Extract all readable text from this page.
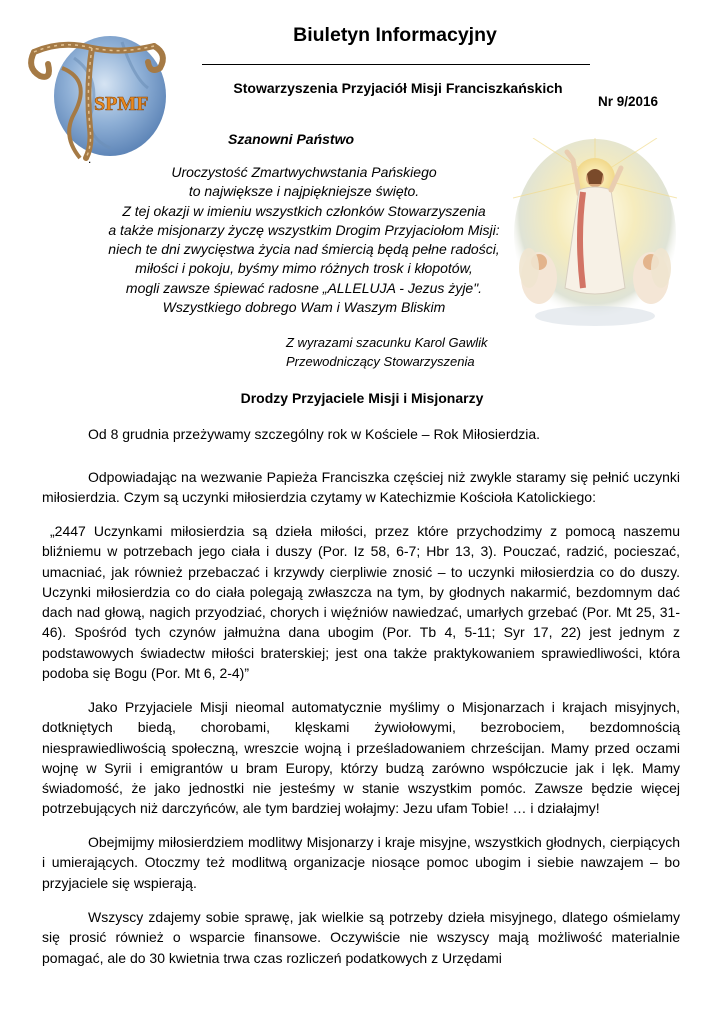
SPMF
Biuletyn Informacyjny
Stowarzyszenia Przyjaciół Misji Franciszkańskich
Nr 9/2016
Szanowni Państwo
.
Uroczystość Zmartwychwstania Pańskiego
to największe i najpiękniejsze święto.
Z tej okazji w imieniu wszystkich członków Stowarzyszenia
a także misjonarzy życzę wszystkim Drogim Przyjaciołom Misji:
niech te dni zwycięstwa życia nad śmiercią będą pełne radości,
miłości i pokoju, byśmy mimo różnych trosk i kłopotów,
mogli zawsze śpiewać radosne „ALLELUJA - Jezus żyje".
Wszystkiego dobrego Wam i Waszym Bliskim
Z wyrazami szacunku Karol Gawlik
Przewodniczący Stowarzyszenia
Drodzy Przyjaciele Misji i Misjonarzy

Od 8 grudnia przeżywamy szczególny rok w Kościele – Rok Miłosierdzia.

Odpowiadając na wezwanie Papieża Franciszka częściej niż zwykle staramy się pełnić uczynki miłosierdzia. Czym są uczynki miłosierdzia czytamy w Katechizmie Kościoła Katolickiego:

„2447 Uczynkami miłosierdzia są dzieła miłości, przez które przychodzimy z pomocą naszemu bliźniemu w potrzebach jego ciała i duszy (Por. Iz 58, 6-7; Hbr 13, 3). Pouczać, radzić, pocieszać, umacniać, jak również przebaczać i krzywdy cierpliwie znosić – to uczynki miłosierdzia co do duszy. Uczynki miłosierdzia co do ciała polegają zwłaszcza na tym, by głodnych nakarmić, bezdomnym dać dach nad głową, nagich przyodziać, chorych i więźniów nawiedzać, umarłych grzebać (Por. Mt 25, 31-46). Spośród tych czynów jałmużna dana ubogim (Por. Tb 4, 5-11; Syr 17, 22) jest jednym z podstawowych świadectw miłości braterskiej; jest ona także praktykowaniem sprawiedliwości, która podoba się Bogu (Por. Mt 6, 2-4)”

Jako Przyjaciele Misji nieomal automatycznie myślimy o Misjonarzach i krajach misyjnych, dotkniętych biedą, chorobami, klęskami żywiołowymi, bezrobociem, bezdomnością niesprawiedliwością społeczną, wreszcie wojną i prześladowaniem chrześcijan. Mamy przed oczami wojnę w Syrii i emigrantów u bram Europy, którzy budzą zarówno współczucie jak i lęk. Mamy świadomość, że jako jednostki nie jesteśmy w stanie wszystkim pomóc. Zawsze będzie więcej potrzebujących niż darczyńców, ale tym bardziej wołajmy: Jezu ufam Tobie! … i działajmy!

Obejmijmy miłosierdziem modlitwy Misjonarzy i kraje misyjne, wszystkich głodnych, cierpiących i umierających. Otoczmy też modlitwą organizacje niosące pomoc ubogim i siebie nawzajem – bo przyjaciele się wspierają.

Wszyscy zdajemy sobie sprawę, jak wielkie są potrzeby dzieła misyjnego, dlatego ośmielamy się prosić również o wsparcie finansowe. Oczywiście nie wszyscy mają możliwość materialnie pomagać, ale do 30 kwietnia trwa czas rozliczeń podatkowych z Urzędami
